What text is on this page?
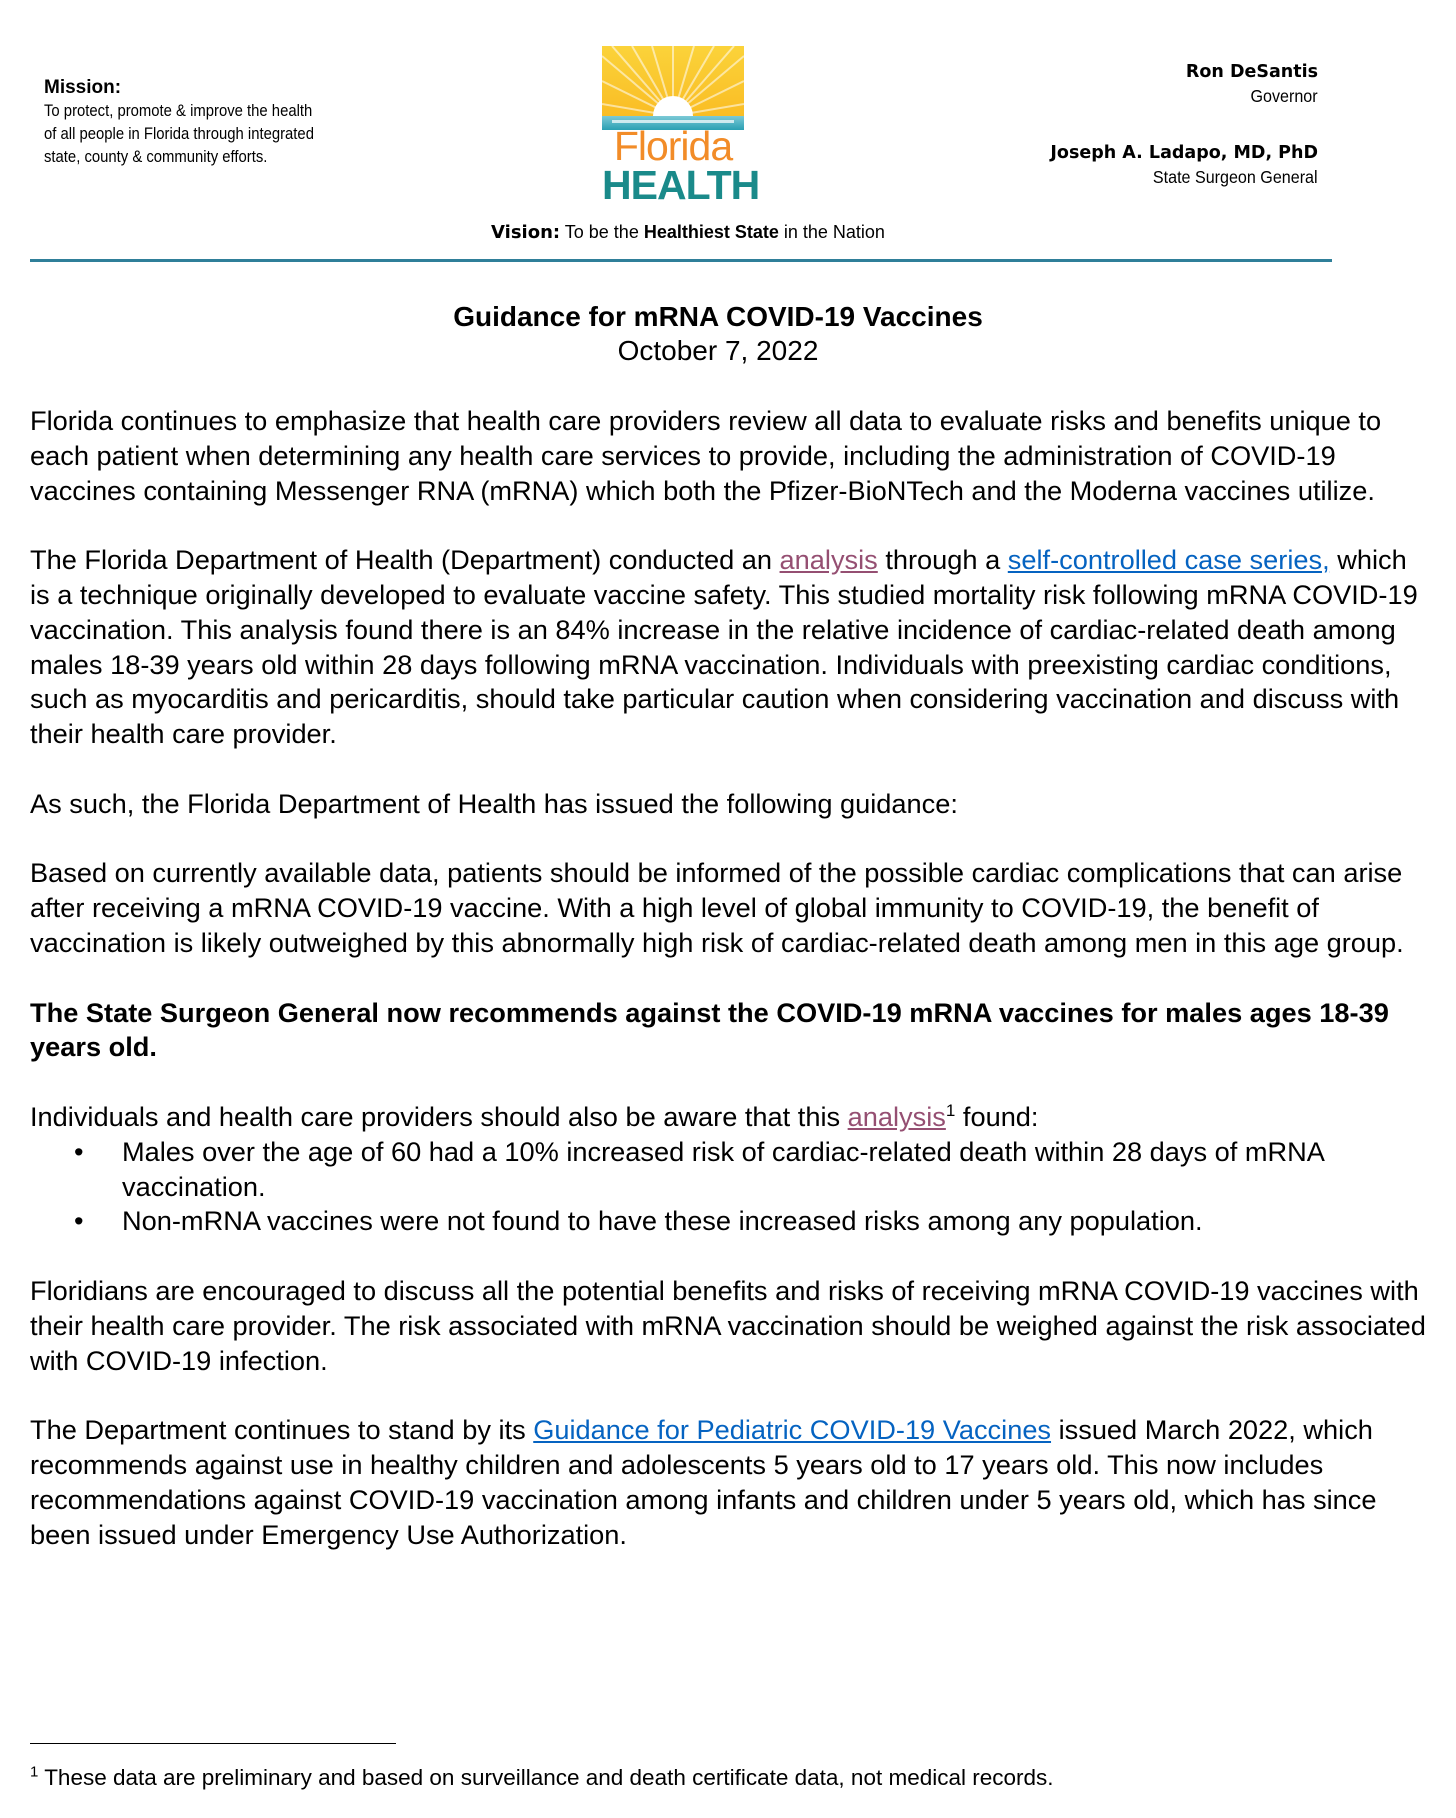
Mission:
To protect, promote & improve the health
of all people in Florida through integrated
state, county & community efforts.	Florida
HEALTH
Ron DeSantis
Governor
Joseph A. Ladapo, MD, PhD
State Surgeon General
Vision: To be the Healthiest State in the Nation
Guidance for mRNA COVID-19 Vaccines
October 7, 2022

Florida continues to emphasize that health care providers review all data to evaluate risks and benefits unique to each patient when determining any health care services to provide, including the administration of COVID-19 vaccines containing Messenger RNA (mRNA) which both the Pfizer-BioNTech and the Moderna vaccines utilize.

The Florida Department of Health (Department) conducted an analysis through a self-controlled case series, which is a technique originally developed to evaluate vaccine safety. This studied mortality risk following mRNA COVID-19 vaccination. This analysis found there is an 84% increase in the relative incidence of cardiac-related death among males 18-39 years old within 28 days following mRNA vaccination. Individuals with preexisting cardiac conditions, such as myocarditis and pericarditis, should take particular caution when considering vaccination and discuss with their health care provider.

As such, the Florida Department of Health has issued the following guidance:

Based on currently available data, patients should be informed of the possible cardiac complications that can arise after receiving a mRNA COVID-19 vaccine. With a high level of global immunity to COVID-19, the benefit of vaccination is likely outweighed by this abnormally high risk of cardiac-related death among men in this age group.

The State Surgeon General now recommends against the COVID-19 mRNA vaccines for males ages 18-39 years old.

Individuals and health care providers should also be aware that this analysis$^1$ found:

• Males over the age of 60 had a 10% increased risk of cardiac-related death within 28 days of mRNA vaccination.
• Non-mRNA vaccines were not found to have these increased risks among any population.

Floridians are encouraged to discuss all the potential benefits and risks of receiving mRNA COVID-19 vaccines with their health care provider. The risk associated with mRNA vaccination should be weighed against the risk associated with COVID-19 infection.

The Department continues to stand by its Guidance for Pediatric COVID-19 Vaccines issued March 2022, which recommends against use in healthy children and adolescents 5 years old to 17 years old. This now includes recommendations against COVID-19 vaccination among infants and children under 5 years old, which has since been issued under Emergency Use Authorization.

$^1$ These data are preliminary and based on surveillance and death certificate data, not medical records.
